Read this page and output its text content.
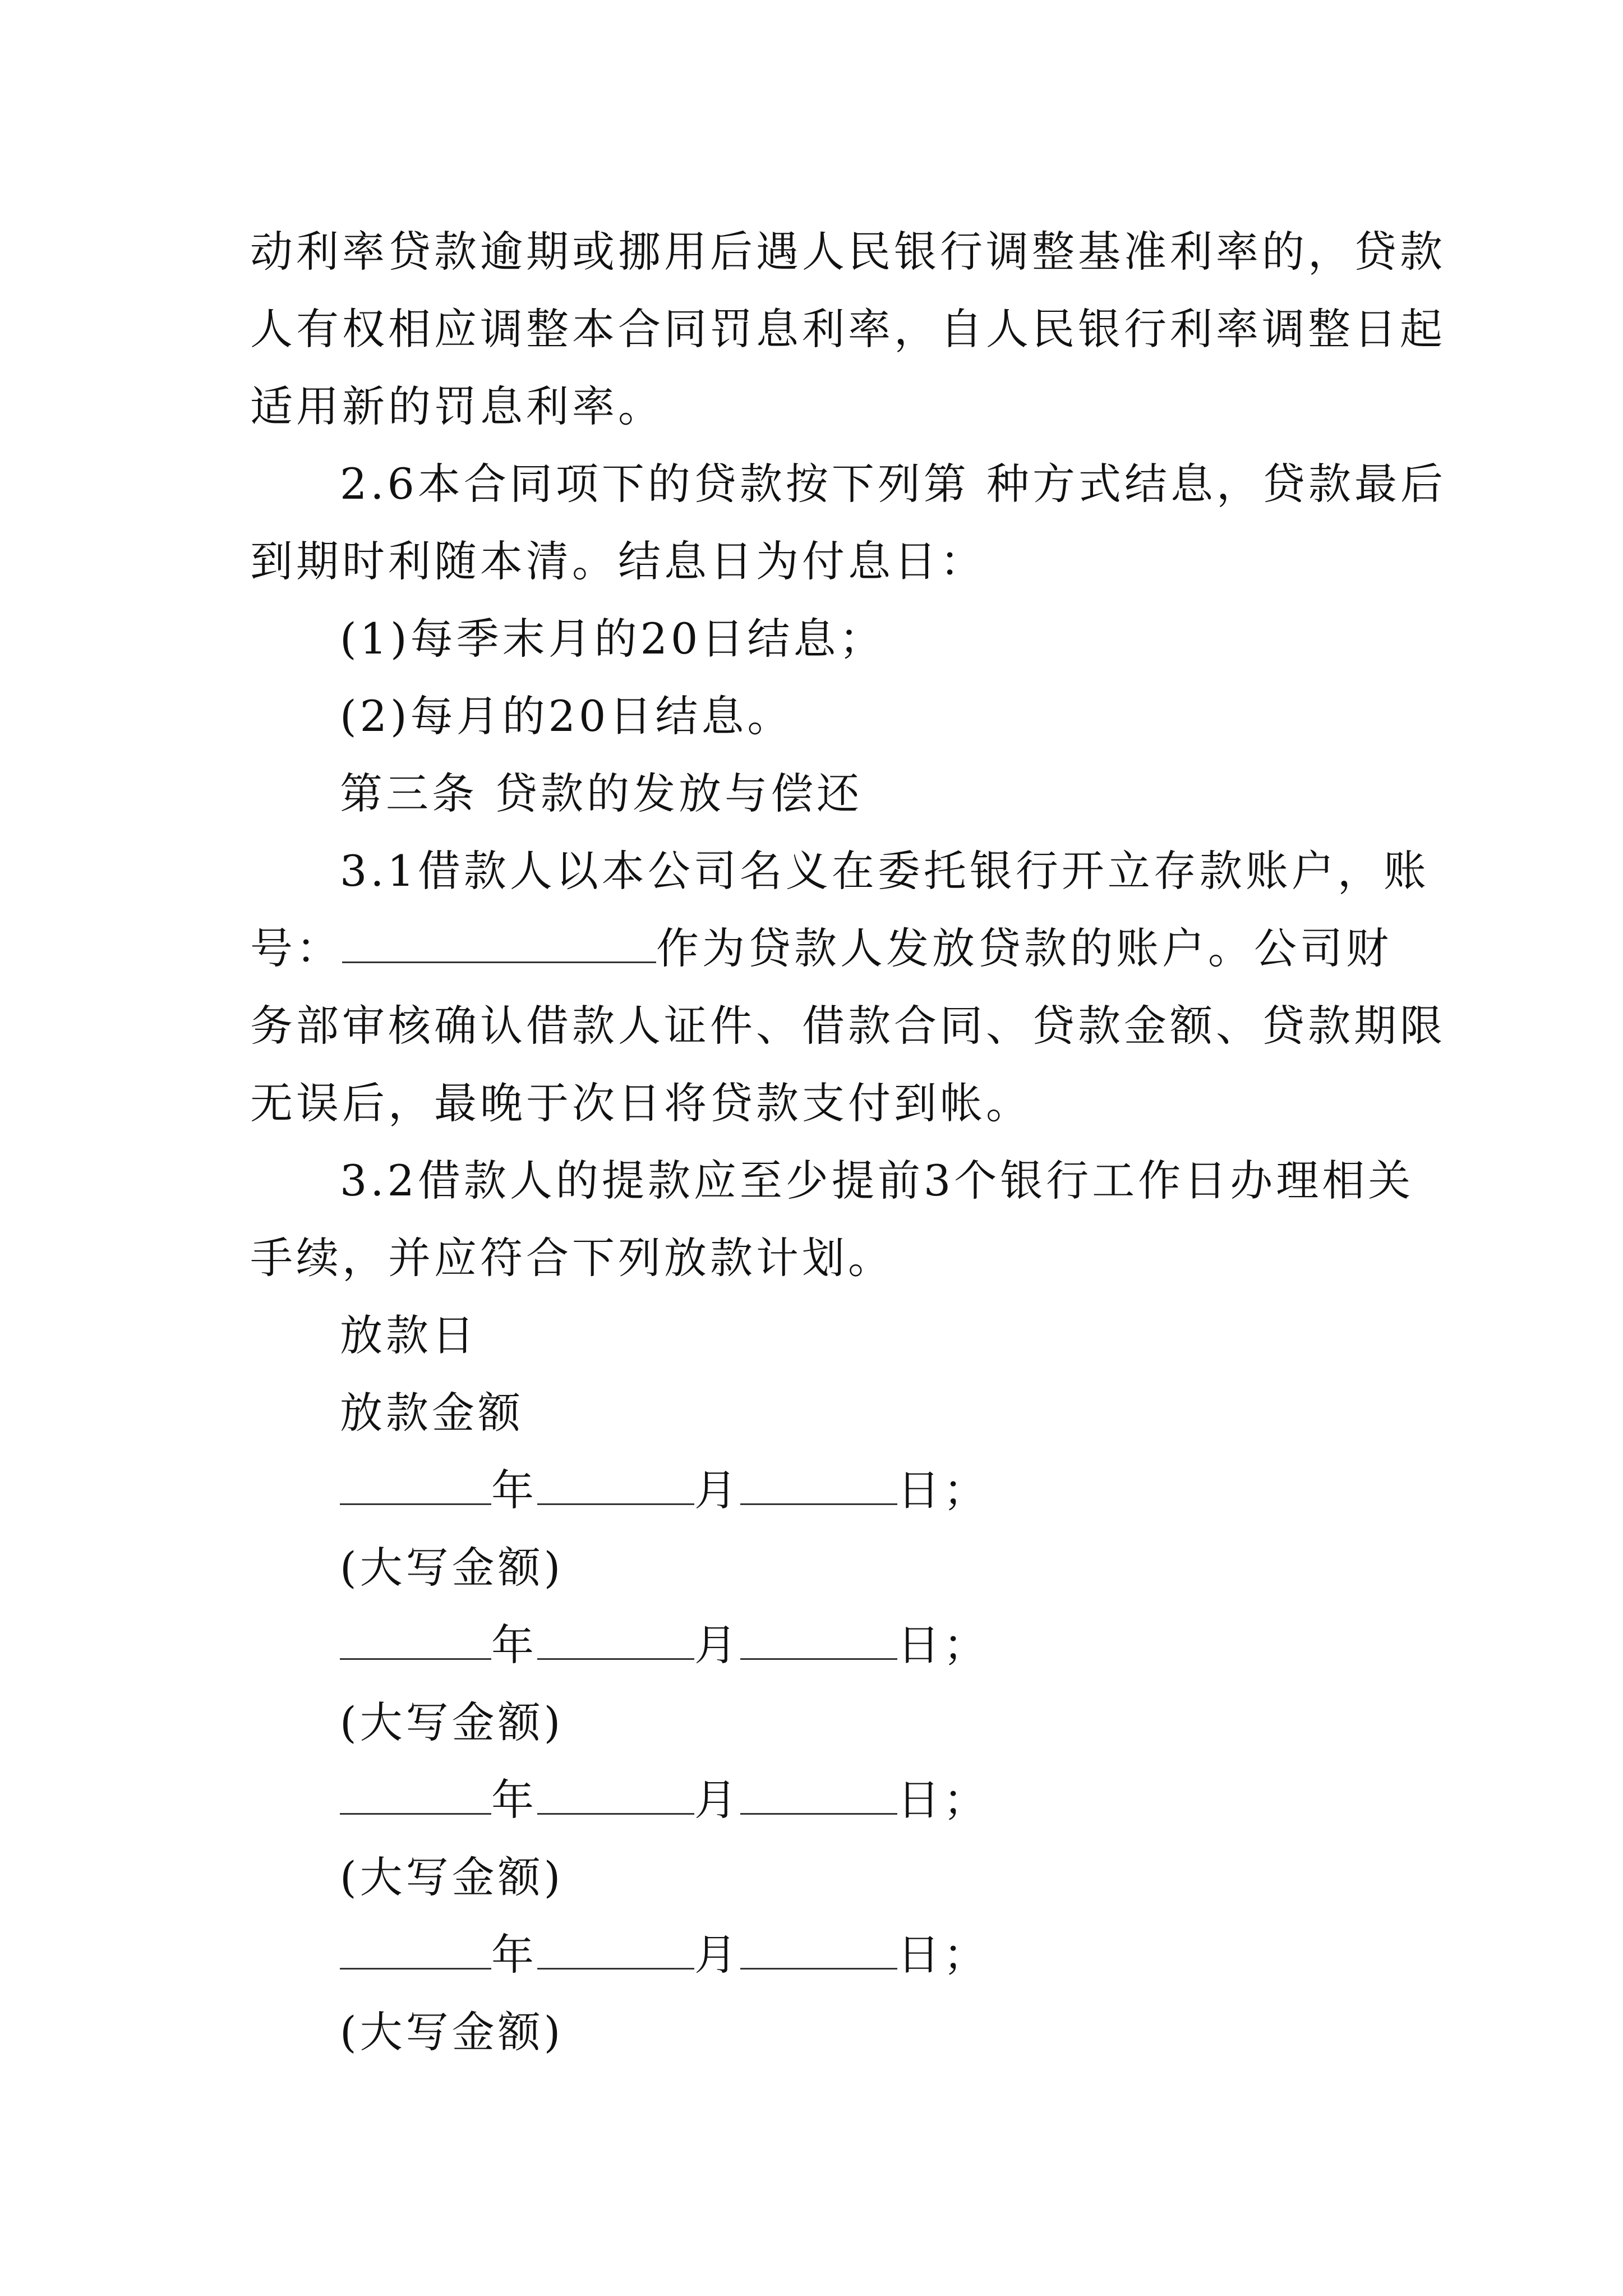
动利率贷款逾期或挪用后遇人民银行调整基准利率的，贷款
人有权相应调整本合同罚息利率，自人民银行利率调整日起
适用新的罚息利率。
2.6本合同项下的贷款按下列第 种方式结息，贷款最后
到期时利随本清。结息日为付息日：
(1)每季末月的20日结息；
(2)每月的20日结息。
第三条 贷款的发放与偿还
3.1借款人以本公司名义在委托银行开立存款账户，账
号：	作为贷款人发放贷款的账户。公司财
务部审核确认借款人证件、借款合同、贷款金额、贷款期限
无误后，最晚于次日将贷款支付到帐。
3.2借款人的提款应至少提前3个银行工作日办理相关
手续，并应符合下列放款计划。
放款日
放款金额
年	月	日；
(大写金额)
年	月	日；
(大写金额)
年	月	日；
(大写金额)
年	月	日；
(大写金额)
